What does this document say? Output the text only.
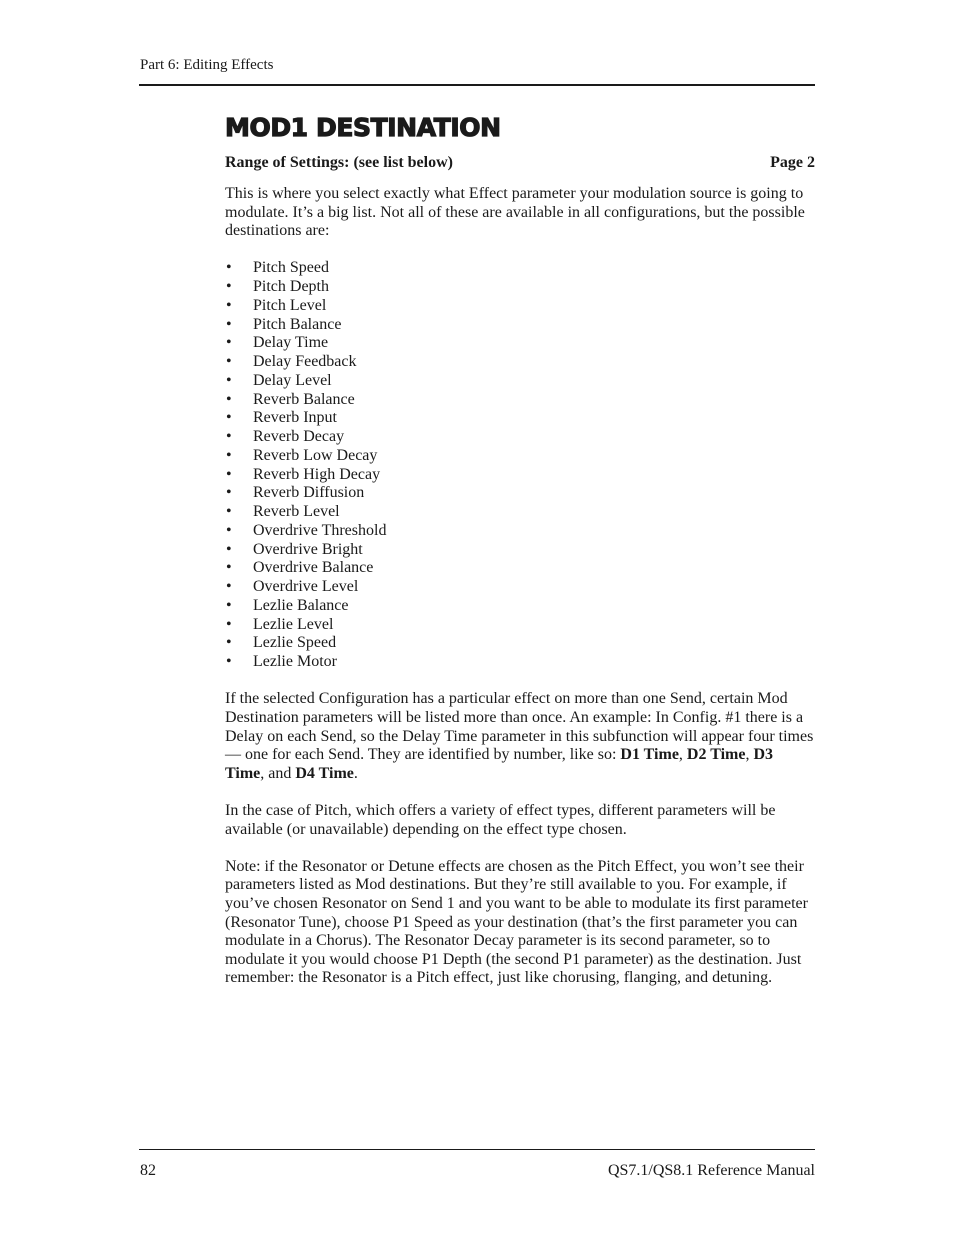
Part 6: Editing Effects
MOD1 DESTINATION
Range of Settings: (see list below)	Page 2

This is where you select exactly what Effect parameter your modulation source is going to modulate. It’s a big list. Not all of these are available in all configurations, but the possible destinations are:

• Pitch Speed
• Pitch Depth
• Pitch Level
• Pitch Balance
• Delay Time
• Delay Feedback
• Delay Level
• Reverb Balance
• Reverb Input
• Reverb Decay
• Reverb Low Decay
• Reverb High Decay
• Reverb Diffusion
• Reverb Level
• Overdrive Threshold
• Overdrive Bright
• Overdrive Balance
• Overdrive Level
• Lezlie Balance
• Lezlie Level
• Lezlie Speed
• Lezlie Motor

If the selected Configuration has a particular effect on more than one Send, certain Mod Destination parameters will be listed more than once. An example: In Config. #1 there is a Delay on each Send, so the Delay Time parameter in this subfunction will appear four times — one for each Send. They are identified by number, like so: D1 Time, D2 Time, D3 Time, and D4 Time.

In the case of Pitch, which offers a variety of effect types, different parameters will be available (or unavailable) depending on the effect type chosen.

Note: if the Resonator or Detune effects are chosen as the Pitch Effect, you won’t see their parameters listed as Mod destinations. But they’re still available to you. For example, if you’ve chosen Resonator on Send 1 and you want to be able to modulate its first parameter (Resonator Tune), choose P1 Speed as your destination (that’s the first parameter you can modulate in a Chorus). The Resonator Decay parameter is its second parameter, so to modulate it you would choose P1 Depth (the second P1 parameter) as the destination. Just remember: the Resonator is a Pitch effect, just like chorusing, flanging, and detuning.

82	QS7.1/QS8.1 Reference Manual
